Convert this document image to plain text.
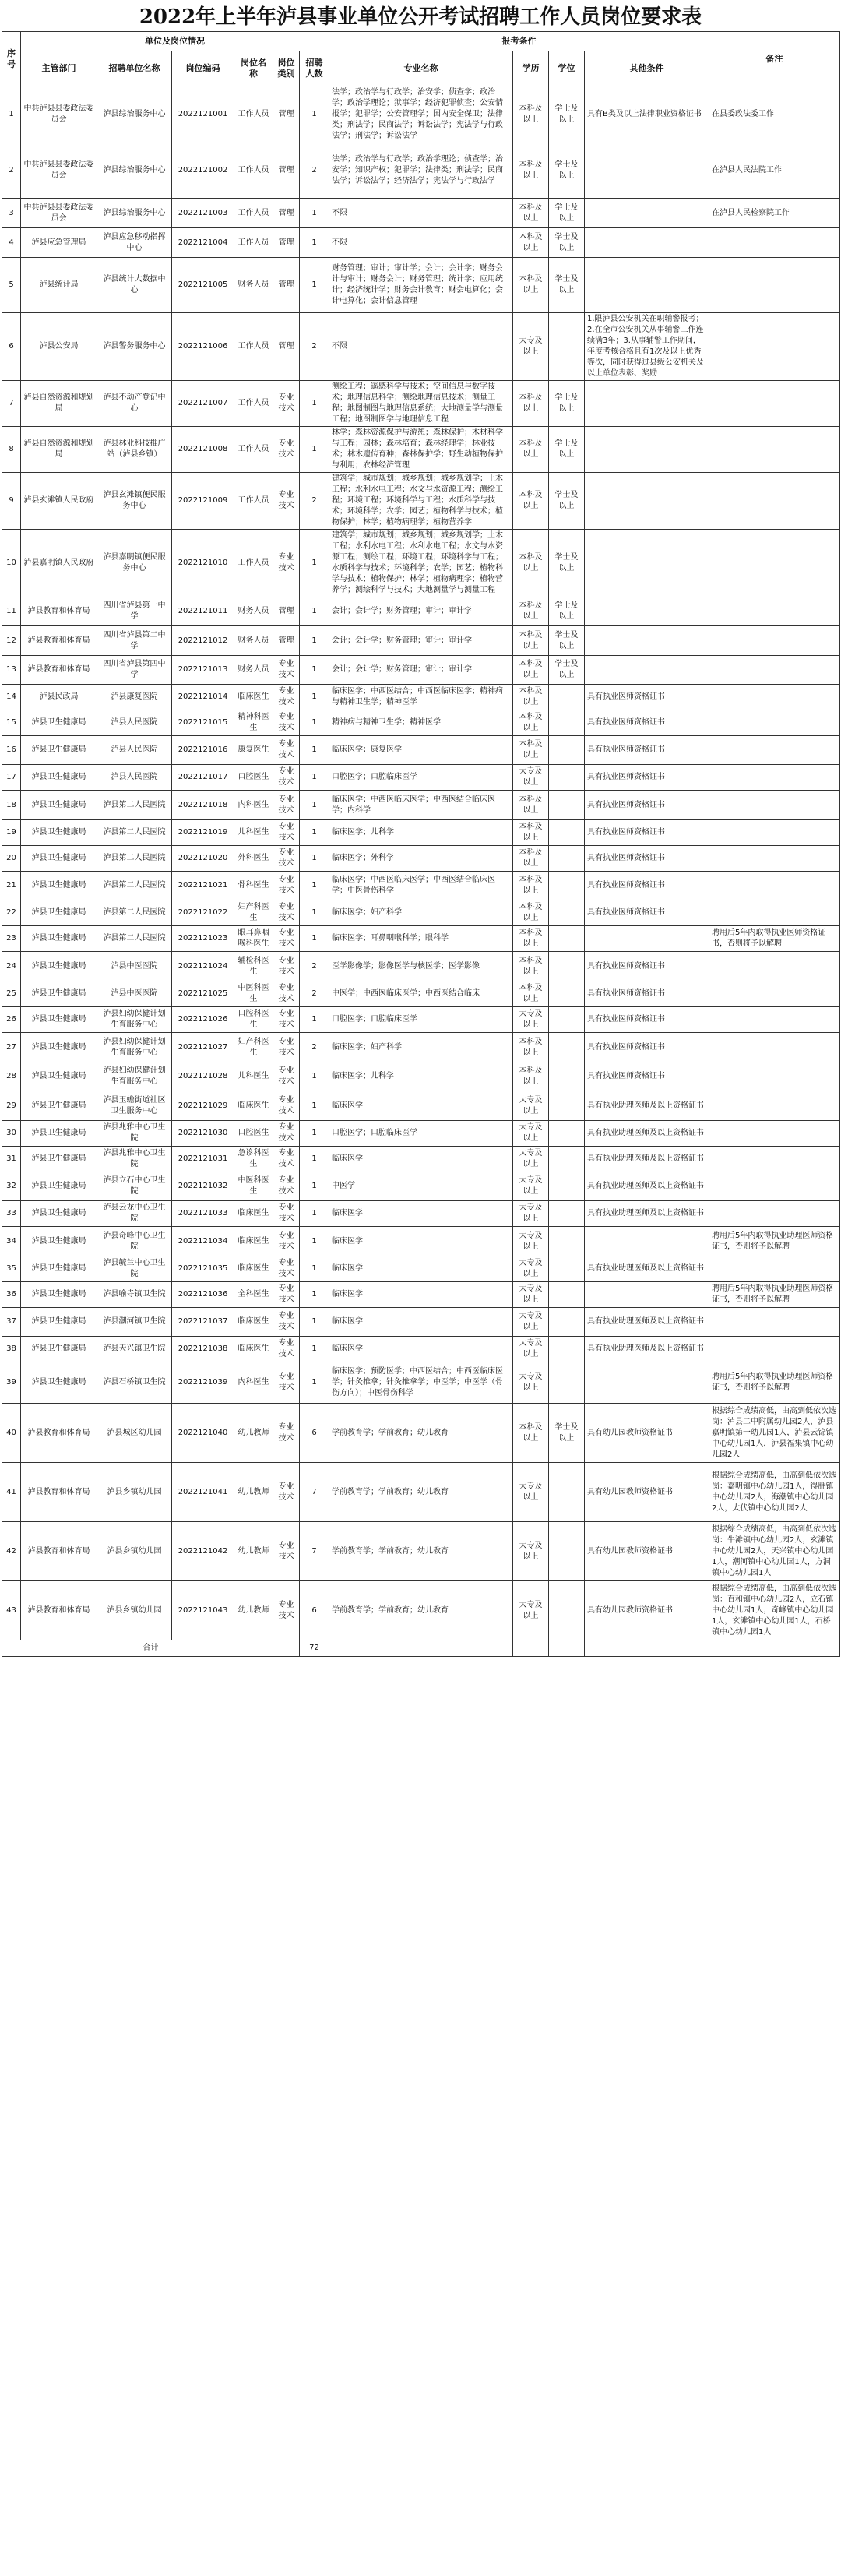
2022年上半年泸县事业单位公开考试招聘工作人员岗位要求表
序号	单位及岗位情况						报考条件				备注
	主管部门	招聘单位名称	岗位编码	岗位名称	岗位类别	招聘人数	专业名称	学历	学位	其他条件	
1	中共泸县县委政法委员会	泸县综治服务中心	2022121001	工作人员	管理	1	法学；政治学与行政学；治安学；侦查学；政治学；政治学理论；狱事学；经济犯罪侦查；公安情报学；犯罪学；公安管理学；国内安全保卫；法律类；刑法学；民商法学；诉讼法学；宪法学与行政法学；刑法学；诉讼法学	本科及以上	学士及以上	具有B类及以上法律职业资格证书	在县委政法委工作
2	中共泸县县委政法委员会	泸县综治服务中心	2022121002	工作人员	管理	2	法学；政治学与行政学；政治学理论；侦查学；治安学；知识产权；犯罪学；法律类；刑法学；民商法学；诉讼法学；经济法学；宪法学与行政法学	本科及以上	学士及以上		在泸县人民法院工作
3	中共泸县县委政法委员会	泸县综治服务中心	2022121003	工作人员	管理	1	不限	本科及以上	学士及以上		在泸县人民检察院工作
4	泸县应急管理局	泸县应急移动指挥中心	2022121004	工作人员	管理	1	不限	本科及以上	学士及以上		
5	泸县统计局	泸县统计大数据中心	2022121005	财务人员	管理	1	财务管理；审计；审计学；会计；会计学；财务会计与审计；财务会计；财务管理；统计学；应用统计；经济统计学；财务会计教育；财会电算化；会计电算化；会计信息管理	本科及以上	学士及以上		
6	泸县公安局	泸县警务服务中心	2022121006	工作人员	管理	2	不限	大专及以上		1.限泸县公安机关在职辅警报考；2.在全市公安机关从事辅警工作连续满3年；3.从事辅警工作期间，年度考核合格且有1次及以上优秀等次，同时获得过县级公安机关及以上单位表彰、奖励	
7	泸县自然资源和规划局	泸县不动产登记中心	2022121007	工作人员	专业技术	1	测绘工程；遥感科学与技术；空间信息与数字技术；地理信息科学；测绘地理信息技术；测量工程；地图制图与地理信息系统；大地测量学与测量工程；地图制图学与地理信息工程	本科及以上	学士及以上		
8	泸县自然资源和规划局	泸县林业科技推广站（泸县乡镇）	2022121008	工作人员	专业技术	1	林学；森林资源保护与游憩；森林保护；木材科学与工程；园林；森林培育；森林经理学；林业技术；林木遗传育种；森林保护学；野生动植物保护与利用；农林经济管理	本科及以上	学士及以上		
9	泸县玄滩镇人民政府	泸县玄滩镇便民服务中心	2022121009	工作人员	专业技术	2	建筑学；城市规划；城乡规划；城乡规划学；土木工程；水利水电工程；水文与水资源工程；测绘工程；环境工程；环境科学与工程；水质科学与技术；环境科学；农学；园艺；植物科学与技术；植物保护；林学；植物病理学；植物营养学	本科及以上	学士及以上		
10	泸县嘉明镇人民政府	泸县嘉明镇便民服务中心	2022121010	工作人员	专业技术	1	建筑学；城市规划；城乡规划；城乡规划学；土木工程；水利水电工程；水利水电工程；水文与水资源工程；测绘工程；环境工程；环境科学与工程；水质科学与技术；环境科学；农学；园艺；植物科学与技术；植物保护；林学；植物病理学；植物营养学；测绘科学与技术；大地测量学与测量工程	本科及以上	学士及以上		
11	泸县教育和体育局	四川省泸县第一中学	2022121011	财务人员	管理	1	会计；会计学；财务管理；审计；审计学	本科及以上	学士及以上		
12	泸县教育和体育局	四川省泸县第二中学	2022121012	财务人员	管理	1	会计；会计学；财务管理；审计；审计学	本科及以上	学士及以上		
13	泸县教育和体育局	四川省泸县第四中学	2022121013	财务人员	专业技术	1	会计；会计学；财务管理；审计；审计学	本科及以上	学士及以上		
14	泸县民政局	泸县康复医院	2022121014	临床医生	专业技术	1	临床医学；中西医结合；中西医临床医学；精神病与精神卫生学；精神医学	本科及以上		具有执业医师资格证书	
15	泸县卫生健康局	泸县人民医院	2022121015	精神科医生	专业技术	1	精神病与精神卫生学；精神医学	本科及以上		具有执业医师资格证书	
16	泸县卫生健康局	泸县人民医院	2022121016	康复医生	专业技术	1	临床医学；康复医学	本科及以上		具有执业医师资格证书	
17	泸县卫生健康局	泸县人民医院	2022121017	口腔医生	专业技术	1	口腔医学；口腔临床医学	大专及以上		具有执业医师资格证书	
18	泸县卫生健康局	泸县第二人民医院	2022121018	内科医生	专业技术	1	临床医学；中西医临床医学；中西医结合临床医学；内科学	本科及以上		具有执业医师资格证书	
19	泸县卫生健康局	泸县第二人民医院	2022121019	儿科医生	专业技术	1	临床医学；儿科学	本科及以上		具有执业医师资格证书	
20	泸县卫生健康局	泸县第二人民医院	2022121020	外科医生	专业技术	1	临床医学；外科学	本科及以上		具有执业医师资格证书	
21	泸县卫生健康局	泸县第二人民医院	2022121021	骨科医生	专业技术	1	临床医学；中西医临床医学；中西医结合临床医学；中医骨伤科学	本科及以上		具有执业医师资格证书	
22	泸县卫生健康局	泸县第二人民医院	2022121022	妇产科医生	专业技术	1	临床医学；妇产科学	本科及以上		具有执业医师资格证书	
23	泸县卫生健康局	泸县第二人民医院	2022121023	眼耳鼻咽喉科医生	专业技术	1	临床医学；耳鼻咽喉科学；眼科学	本科及以上			聘用后5年内取得执业医师资格证书，否则将予以解聘
24	泸县卫生健康局	泸县中医医院	2022121024	辅检科医生	专业技术	2	医学影像学；影像医学与核医学；医学影像	本科及以上		具有执业医师资格证书	
25	泸县卫生健康局	泸县中医医院	2022121025	中医科医生	专业技术	2	中医学；中西医临床医学；中西医结合临床	本科及以上		具有执业医师资格证书	
26	泸县卫生健康局	泸县妇幼保健计划生育服务中心	2022121026	口腔科医生	专业技术	1	口腔医学；口腔临床医学	大专及以上		具有执业医师资格证书	
27	泸县卫生健康局	泸县妇幼保健计划生育服务中心	2022121027	妇产科医生	专业技术	2	临床医学；妇产科学	本科及以上		具有执业医师资格证书	
28	泸县卫生健康局	泸县妇幼保健计划生育服务中心	2022121028	儿科医生	专业技术	1	临床医学；儿科学	本科及以上		具有执业医师资格证书	
29	泸县卫生健康局	泸县玉蟾街道社区卫生服务中心	2022121029	临床医生	专业技术	1	临床医学	大专及以上		具有执业助理医师及以上资格证书	
30	泸县卫生健康局	泸县兆雅中心卫生院	2022121030	口腔医生	专业技术	1	口腔医学；口腔临床医学	大专及以上		具有执业助理医师及以上资格证书	
31	泸县卫生健康局	泸县兆雅中心卫生院	2022121031	急诊科医生	专业技术	1	临床医学	大专及以上		具有执业助理医师及以上资格证书	
32	泸县卫生健康局	泸县立石中心卫生院	2022121032	中医科医生	专业技术	1	中医学	大专及以上		具有执业助理医师及以上资格证书	
33	泸县卫生健康局	泸县云龙中心卫生院	2022121033	临床医生	专业技术	1	临床医学	大专及以上		具有执业助理医师及以上资格证书	
34	泸县卫生健康局	泸县奇峰中心卫生院	2022121034	临床医生	专业技术	1	临床医学	大专及以上			聘用后5年内取得执业助理医师资格证书，否则将予以解聘
35	泸县卫生健康局	泸县毓兰中心卫生院	2022121035	临床医生	专业技术	1	临床医学	大专及以上		具有执业助理医师及以上资格证书	
36	泸县卫生健康局	泸县喻寺镇卫生院	2022121036	全科医生	专业技术	1	临床医学	大专及以上			聘用后5年内取得执业助理医师资格证书，否则将予以解聘
37	泸县卫生健康局	泸县潮河镇卫生院	2022121037	临床医生	专业技术	1	临床医学	大专及以上		具有执业助理医师及以上资格证书	
38	泸县卫生健康局	泸县天兴镇卫生院	2022121038	临床医生	专业技术	1	临床医学	大专及以上		具有执业助理医师及以上资格证书	
39	泸县卫生健康局	泸县石桥镇卫生院	2022121039	内科医生	专业技术	1	临床医学；预防医学；中西医结合；中西医临床医学；针灸推拿；针灸推拿学；中医学；中医学（骨伤方向）；中医骨伤科学	大专及以上			聘用后5年内取得执业助理医师资格证书，否则将予以解聘
40	泸县教育和体育局	泸县城区幼儿园	2022121040	幼儿教师	专业技术	6	学前教育学；学前教育；幼儿教育	本科及以上	学士及以上	具有幼儿园教师资格证书	根据综合成绩高低，由高到低依次选岗：泸县二中附属幼儿园2人，泸县嘉明镇第一幼儿园1人，泸县云锦镇中心幼儿园1人，泸县福集镇中心幼儿园2人
41	泸县教育和体育局	泸县乡镇幼儿园	2022121041	幼儿教师	专业技术	7	学前教育学；学前教育；幼儿教育	大专及以上		具有幼儿园教师资格证书	根据综合成绩高低，由高到低依次选岗：嘉明镇中心幼儿园1人，得胜镇中心幼儿园2人，海潮镇中心幼儿园2人，太伏镇中心幼儿园2人
42	泸县教育和体育局	泸县乡镇幼儿园	2022121042	幼儿教师	专业技术	7	学前教育学；学前教育；幼儿教育	大专及以上		具有幼儿园教师资格证书	根据综合成绩高低，由高到低依次选岗：牛滩镇中心幼儿园2人，玄滩镇中心幼儿园2人，天兴镇中心幼儿园1人，潮河镇中心幼儿园1人，方洞镇中心幼儿园1人
43	泸县教育和体育局	泸县乡镇幼儿园	2022121043	幼儿教师	专业技术	6	学前教育学；学前教育；幼儿教育	大专及以上		具有幼儿园教师资格证书	根据综合成绩高低，由高到低依次选岗：百和镇中心幼儿园2人，立石镇中心幼儿园1人，奇峰镇中心幼儿园1人，玄滩镇中心幼儿园1人，石桥镇中心幼儿园1人
合计						72					
